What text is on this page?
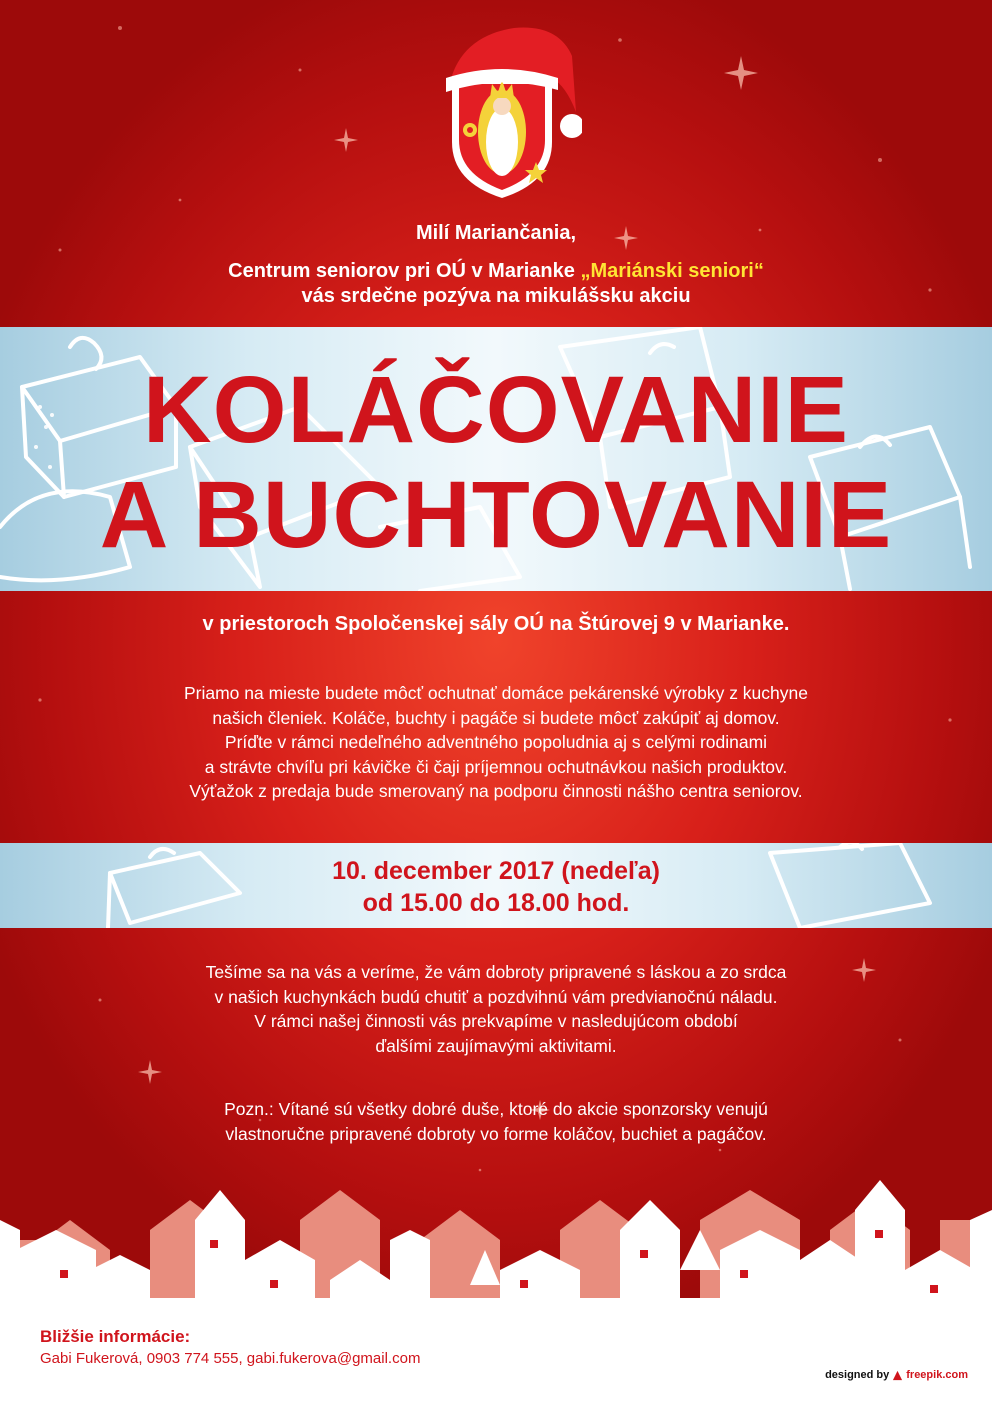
Milí Mariančania,
Centrum seniorov pri OÚ v Marianke „Mariánski seniori“
vás srdečne pozýva na mikulášsku akciu
KOLÁČOVANIE
A BUCHTOVANIE
v priestoroch Spoločenskej sály OÚ na Štúrovej 9 v Marianke.
Priamo na mieste budete môcť ochutnať domáce pekárenské výrobky z kuchyne
našich členiek. Koláče, buchty i pagáče si budete môcť zakúpiť aj domov.
Príďte v rámci nedeľného adventného popoludnia aj s celými rodinami
a strávte chvíľu pri kávičke či čaji príjemnou ochutnávkou našich produktov.
Výťažok z predaja bude smerovaný na podporu činnosti nášho centra seniorov.
10. december 2017 (nedeľa)
od 15.00 do 18.00 hod.
Tešíme sa na vás a veríme, že vám dobroty pripravené s láskou a zo srdca
v našich kuchynkách budú chutiť a pozdvihnú vám predvianočnú náladu.
V rámci našej činnosti vás prekvapíme v nasledujúcom období
ďalšími zaujímavými aktivitami.
Pozn.: Vítané sú všetky dobré duše, ktoré do akcie sponzorsky venujú
vlastnoručne pripravené dobroty vo forme koláčov, buchiet a pagáčov.
Bližšie informácie:
Gabi Fukerová, 0903 774 555, gabi.fukerova@gmail.com
designed by freepik.com
